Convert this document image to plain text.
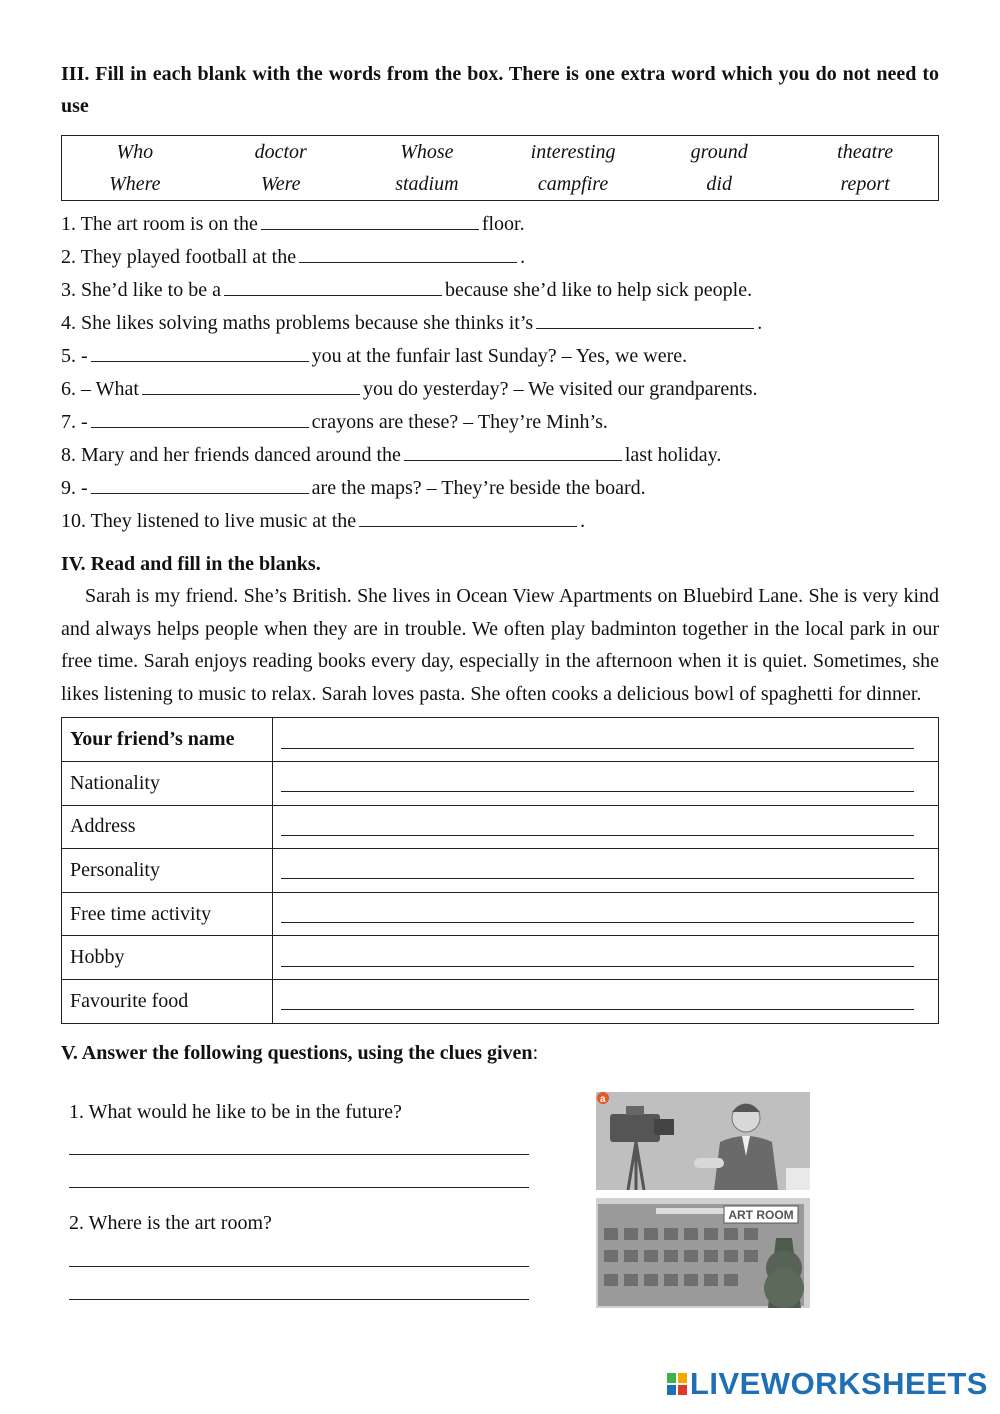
III. Fill in each blank with the words from the box. There is one extra word which you do not need to use
Who	doctor	Whose	interesting	ground	theatre
Where	Were	stadium	campfire	did	report
1. The art room is on the	floor.
2. They played football at the	.
3. She’d like to be a	because she’d like to help sick people.
4. She likes solving maths problems because she thinks it’s	.
5. -	you at the funfair last Sunday? – Yes, we were.
6. – What	you do yesterday? – We visited our grandparents.
7. -	crayons are these? – They’re Minh’s.
8. Mary and her friends danced around the	last holiday.
9. -	are the maps? – They’re beside the board.
10. They listened to live music at the	.
IV. Read and fill in the blanks.

Sarah is my friend. She’s British. She lives in Ocean View Apartments on Bluebird Lane. She is very kind and always helps people when they are in trouble. We often play badminton together in the local park in our free time. Sarah enjoys reading books every day, especially in the afternoon when it is quiet. Sometimes, she likes listening to music to relax. Sarah loves pasta. She often cooks a delicious bowl of spaghetti for dinner.

Your friend’s name	

Nationality	

Address	

Personality	

Free time activity	

Hobby	

Favourite food	
V. Answer the following questions, using the clues given:
1. What would he like to be in the future?
2. Where is the art room?
a
ART ROOM
LIVEWORKSHEETS
